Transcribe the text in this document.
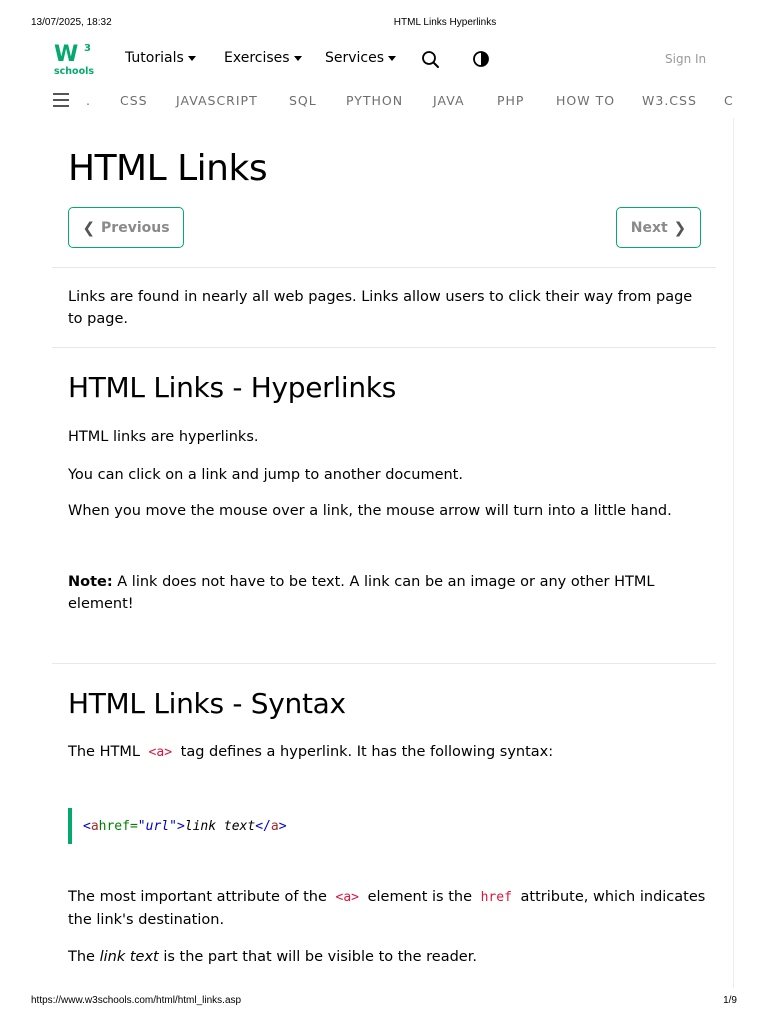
13/07/2025, 18:32	HTML Links Hyperlinks
W 3
schools
Tutorials	Exercises	Services	Sign In
. CSS JAVASCRIPT	SQL PYTHON JAVA	PHP	HOW TO W3.CSS C
HTML Links
❮ Previous	Next ❯

Links are found in nearly all web pages. Links allow users to click their way from page to page.

HTML Links - Hyperlinks

HTML links are hyperlinks.

You can click on a link and jump to another document.

When you move the mouse over a link, the mouse arrow will turn into a little hand.

Note: A link does not have to be text. A link can be an image or any other HTML element!

HTML Links - Syntax

The HTML <a> tag defines a hyperlink. It has the following syntax:

< a href= " url " > link text </ a >

The most important attribute of the <a> element is the href attribute, which indicates the link's destination.

The link text is the part that will be visible to the reader.

https://www.w3schools.com/html/html_links.asp	1/9
